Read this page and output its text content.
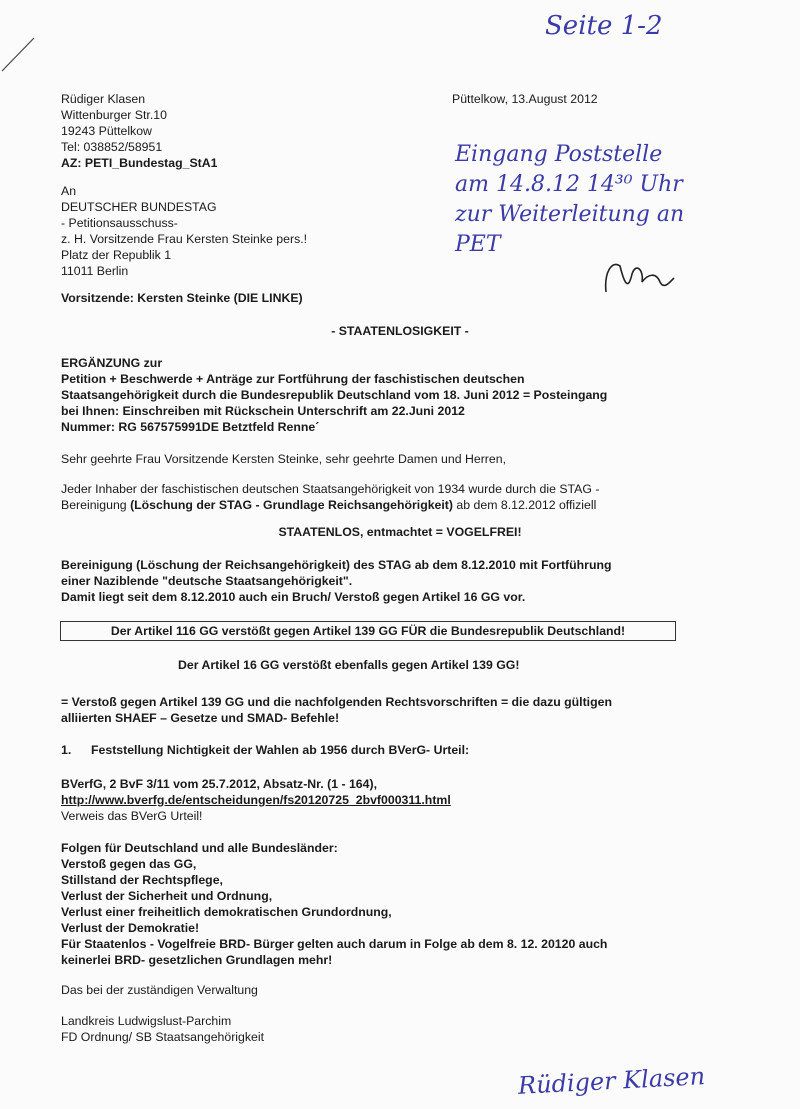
Seite 1-2
Rüdiger Klasen
Wittenburger Str.10
19243 Püttelkow
Tel: 038852/58951
AZ: PETI_Bundestag_StA1
Püttelkow, 13.August 2012
Eingang Poststelle
am 14.8.12 14³⁰ Uhr
zur Weiterleitung an
PET
An
DEUTSCHER BUNDESTAG
- Petitionsausschuss-
z. H. Vorsitzende Frau Kersten Steinke pers.!
Platz der Republik 1
11011 Berlin
Vorsitzende: Kersten Steinke (DIE LINKE)
- STAATENLOSIGKEIT -
ERGÄNZUNG zur
Petition + Beschwerde + Anträge zur Fortführung der faschistischen deutschen
Staatsangehörigkeit durch die Bundesrepublik Deutschland vom 18. Juni 2012 = Posteingang
bei Ihnen: Einschreiben mit Rückschein Unterschrift am 22.Juni 2012
Nummer: RG 567575991DE Betztfeld Renne´
Sehr geehrte Frau Vorsitzende Kersten Steinke, sehr geehrte Damen und Herren,
Jeder Inhaber der faschistischen deutschen Staatsangehörigkeit von 1934 wurde durch die STAG -
Bereinigung (Löschung der STAG - Grundlage Reichsangehörigkeit) ab dem 8.12.2012 offiziell
STAATENLOS, entmachtet = VOGELFREI!
Bereinigung (Löschung der Reichsangehörigkeit) des STAG ab dem 8.12.2010 mit Fortführung
einer Naziblende "deutsche Staatsangehörigkeit".
Damit liegt seit dem 8.12.2010 auch ein Bruch/ Verstoß gegen Artikel 16 GG vor.
Der Artikel 116 GG verstößt gegen Artikel 139 GG FÜR die Bundesrepublik Deutschland!
Der Artikel 16 GG verstößt ebenfalls gegen Artikel 139 GG!
= Verstoß gegen Artikel 139 GG und die nachfolgenden Rechtsvorschriften = die dazu gültigen
alliierten SHAEF – Gesetze und SMAD- Befehle!
1. Feststellung Nichtigkeit der Wahlen ab 1956 durch BVerG- Urteil:
BVerfG, 2 BvF 3/11 vom 25.7.2012, Absatz-Nr. (1 - 164),
http://www.bverfg.de/entscheidungen/fs20120725_2bvf000311.html
Verweis das BVerG Urteil!
Folgen für Deutschland und alle Bundesländer:
Verstoß gegen das GG,
Stillstand der Rechtspflege,
Verlust der Sicherheit und Ordnung,
Verlust einer freiheitlich demokratischen Grundordnung,
Verlust der Demokratie!
Für Staatenlos - Vogelfreie BRD- Bürger gelten auch darum in Folge ab dem 8. 12. 20120 auch
keinerlei BRD- gesetzlichen Grundlagen mehr!
Das bei der zuständigen Verwaltung
Landkreis Ludwigslust-Parchim
FD Ordnung/ SB Staatsangehörigkeit
Rüdiger Klasen
